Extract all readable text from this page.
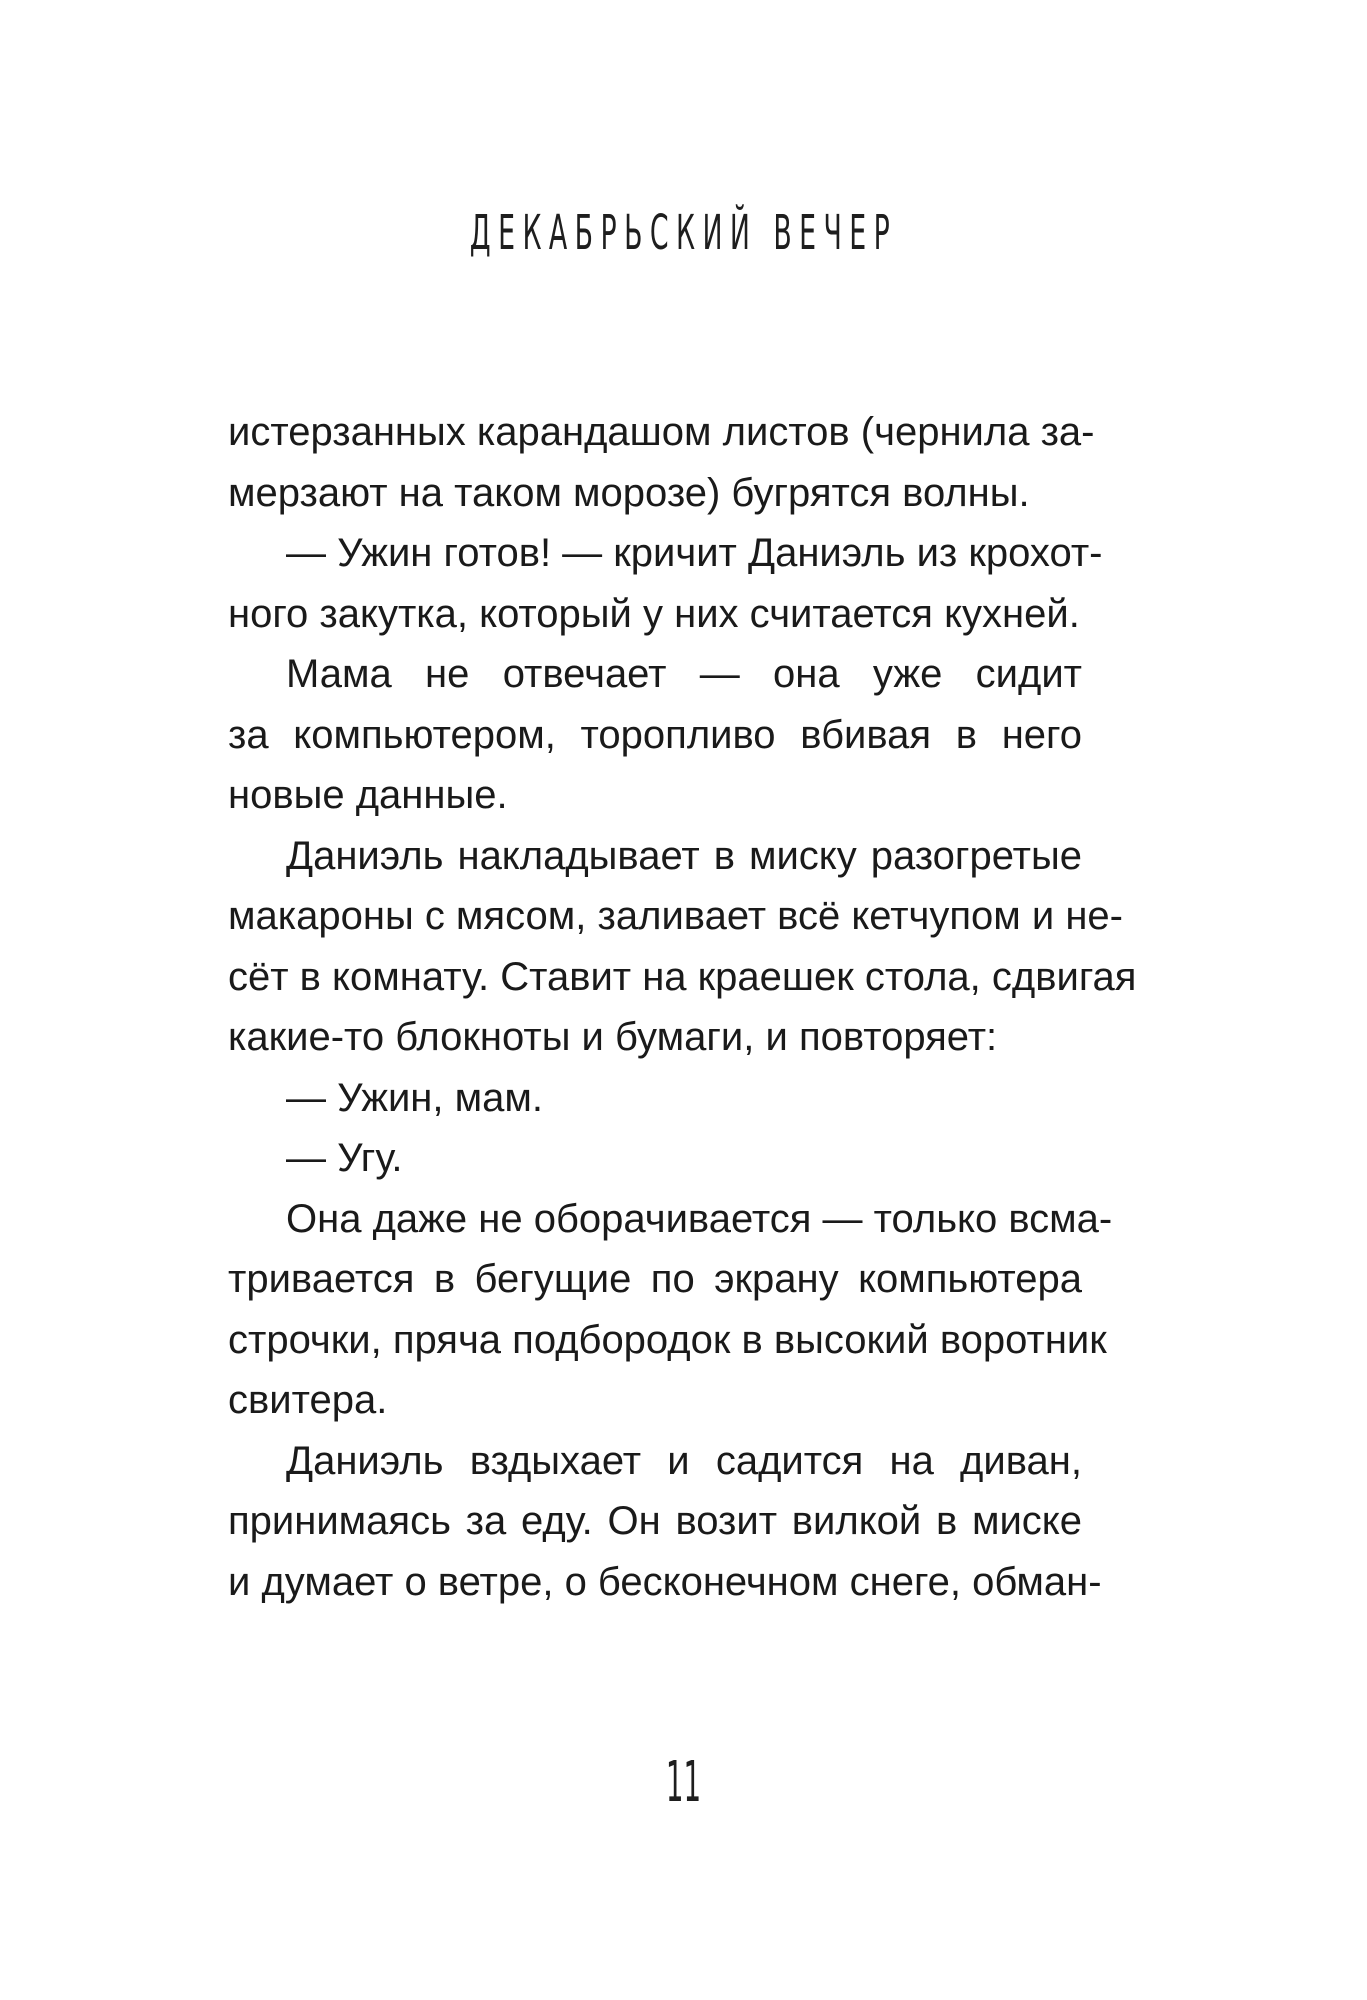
ДЕКАБРЬСКИЙ ВЕЧЕР
истерзанных карандашом листов (чернила за-
мерзают на таком морозе) бугрятся волны.
— Ужин готов! — кричит Даниэль из крохот-
ного закутка, который у них считается кухней.
Мама не отвечает — она уже сидит
за компьютером, торопливо вбивая в него
новые данные.
Даниэль накладывает в миску разогретые
макароны с мясом, заливает всё кетчупом и не-
сёт в комнату. Ставит на краешек стола, сдвигая
какие-то блокноты и бумаги, и повторяет:
— Ужин, мам.
— Угу.
Она даже не оборачивается — только всма-
тривается в бегущие по экрану компьютера
строчки, пряча подбородок в высокий воротник
свитера.
Даниэль вздыхает и садится на диван,
принимаясь за еду. Он возит вилкой в миске
и думает о ветре, о бесконечном снеге, обман-
11
